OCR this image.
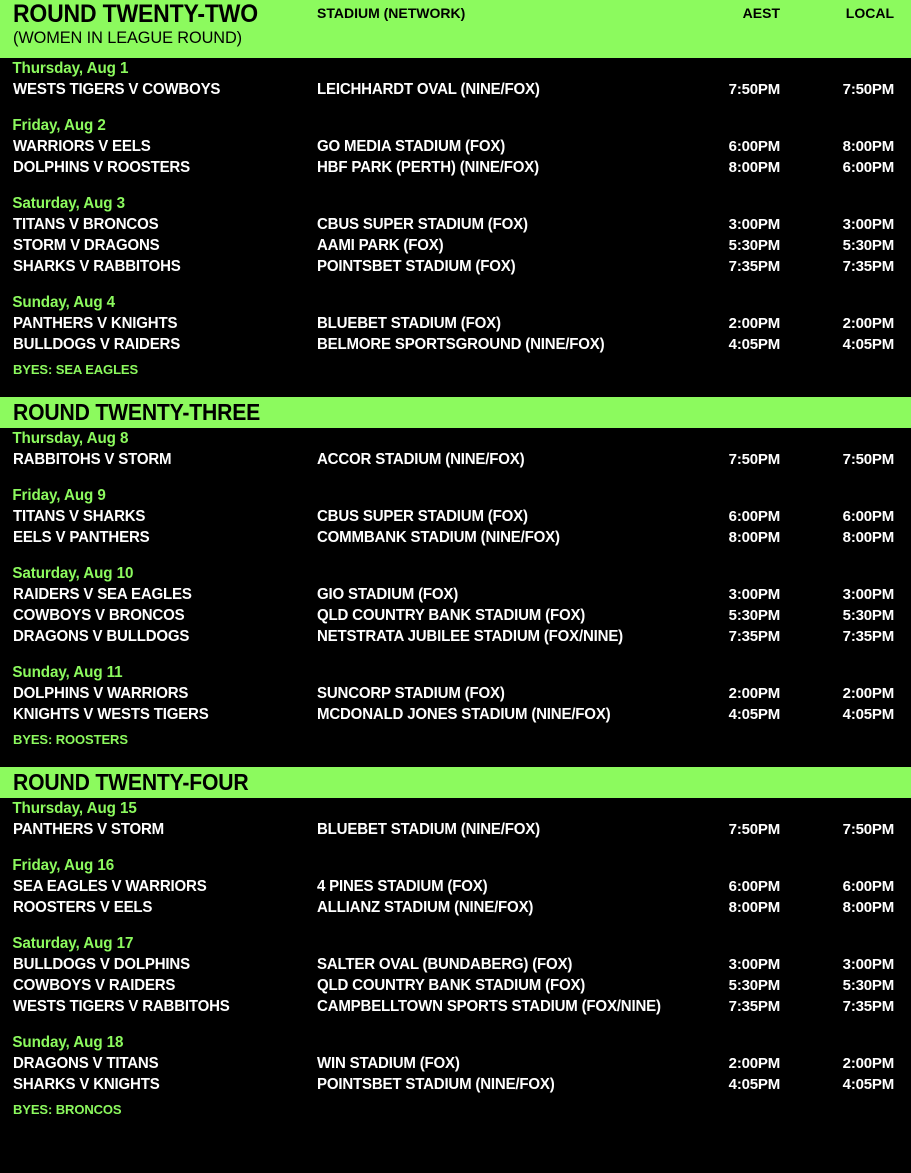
ROUND TWENTY-TWO
(WOMEN IN LEAGUE ROUND)
STADIUM (NETWORK)	AEST	LOCAL
Thursday, Aug 1
WESTS TIGERS V COWBOYS	LEICHHARDT OVAL (NINE/FOX)	7:50PM	7:50PM
Friday, Aug 2
WARRIORS V EELS	GO MEDIA STADIUM (FOX)	6:00PM	8:00PM
DOLPHINS V ROOSTERS	HBF PARK (PERTH) (NINE/FOX)	8:00PM	6:00PM
Saturday, Aug 3
TITANS V BRONCOS	CBUS SUPER STADIUM (FOX)	3:00PM	3:00PM
STORM V DRAGONS	AAMI PARK (FOX)	5:30PM	5:30PM
SHARKS V RABBITOHS	POINTSBET STADIUM (FOX)	7:35PM	7:35PM
Sunday, Aug 4
PANTHERS V KNIGHTS	BLUEBET STADIUM (FOX)	2:00PM	2:00PM
BULLDOGS V RAIDERS	BELMORE SPORTSGROUND (NINE/FOX)	4:05PM	4:05PM
BYES: SEA EAGLES
ROUND TWENTY-THREE
Thursday, Aug 8
RABBITOHS V STORM	ACCOR STADIUM (NINE/FOX)	7:50PM	7:50PM
Friday, Aug 9
TITANS V SHARKS	CBUS SUPER STADIUM (FOX)	6:00PM	6:00PM
EELS V PANTHERS	COMMBANK STADIUM (NINE/FOX)	8:00PM	8:00PM
Saturday, Aug 10
RAIDERS V SEA EAGLES	GIO STADIUM (FOX)	3:00PM	3:00PM
COWBOYS V BRONCOS	QLD COUNTRY BANK STADIUM (FOX)	5:30PM	5:30PM
DRAGONS V BULLDOGS	NETSTRATA JUBILEE STADIUM (FOX/NINE)	7:35PM	7:35PM
Sunday, Aug 11
DOLPHINS V WARRIORS	SUNCORP STADIUM (FOX)	2:00PM	2:00PM
KNIGHTS V WESTS TIGERS	MCDONALD JONES STADIUM (NINE/FOX)	4:05PM	4:05PM
BYES: ROOSTERS
ROUND TWENTY-FOUR
Thursday, Aug 15
PANTHERS V STORM	BLUEBET STADIUM (NINE/FOX)	7:50PM	7:50PM
Friday, Aug 16
SEA EAGLES V WARRIORS	4 PINES STADIUM (FOX)	6:00PM	6:00PM
ROOSTERS V EELS	ALLIANZ STADIUM (NINE/FOX)	8:00PM	8:00PM
Saturday, Aug 17
BULLDOGS V DOLPHINS	SALTER OVAL (BUNDABERG) (FOX)	3:00PM	3:00PM
COWBOYS V RAIDERS	QLD COUNTRY BANK STADIUM (FOX)	5:30PM	5:30PM
WESTS TIGERS V RABBITOHS	CAMPBELLTOWN SPORTS STADIUM (FOX/NINE)	7:35PM	7:35PM
Sunday, Aug 18
DRAGONS V TITANS	WIN STADIUM (FOX)	2:00PM	2:00PM
SHARKS V KNIGHTS	POINTSBET STADIUM (NINE/FOX)	4:05PM	4:05PM
BYES: BRONCOS
